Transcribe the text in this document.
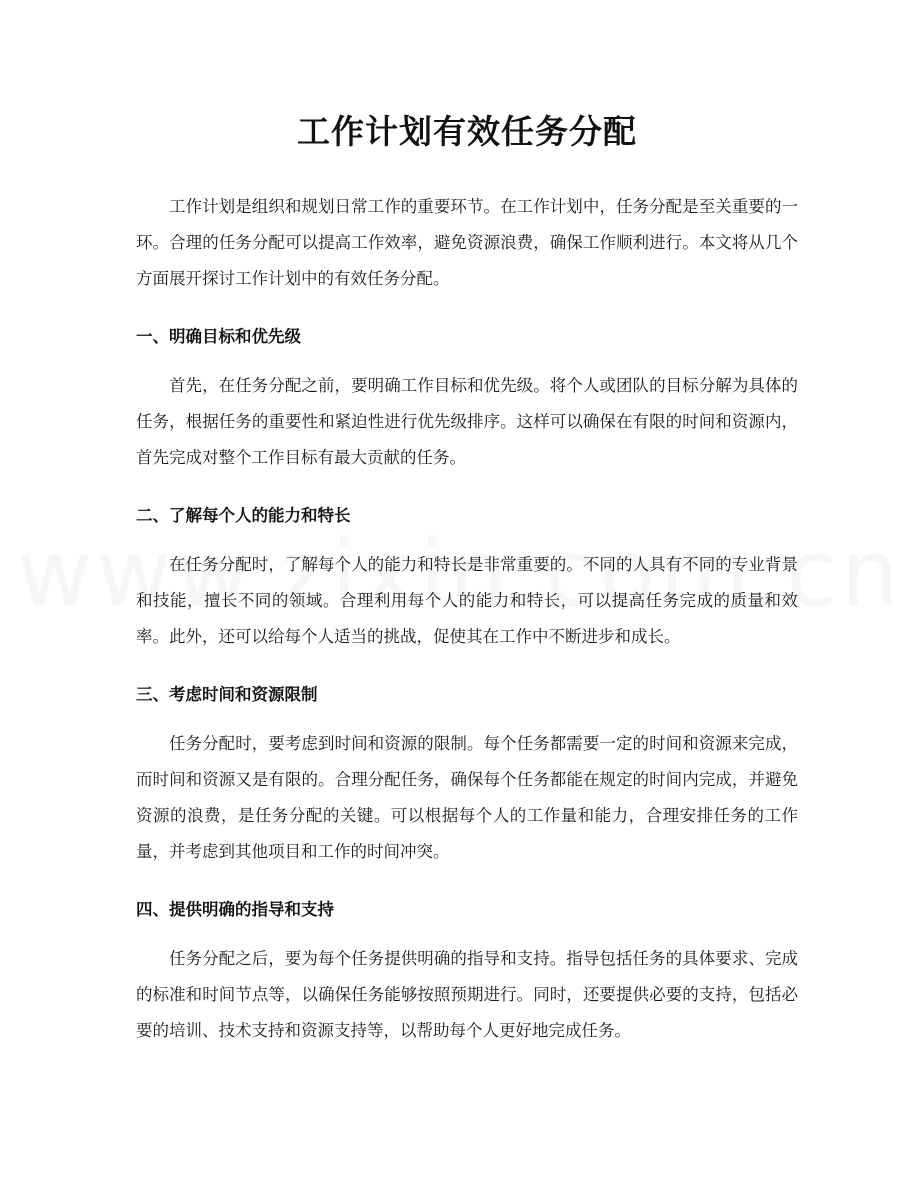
工作计划有效任务分配

工作计划是组织和规划日常工作的重要环节。在工作计划中，任务分配是至关重要的一环。合理的任务分配可以提高工作效率，避免资源浪费，确保工作顺利进行。本文将从几个方面展开探讨工作计划中的有效任务分配。

一、明确目标和优先级

首先，在任务分配之前，要明确工作目标和优先级。将个人或团队的目标分解为具体的任务，根据任务的重要性和紧迫性进行优先级排序。这样可以确保在有限的时间和资源内，首先完成对整个工作目标有最大贡献的任务。

二、了解每个人的能力和特长

在任务分配时，了解每个人的能力和特长是非常重要的。不同的人具有不同的专业背景和技能，擅长不同的领域。合理利用每个人的能力和特长，可以提高任务完成的质量和效率。此外，还可以给每个人适当的挑战，促使其在工作中不断进步和成长。

三、考虑时间和资源限制

任务分配时，要考虑到时间和资源的限制。每个任务都需要一定的时间和资源来完成，而时间和资源又是有限的。合理分配任务，确保每个任务都能在规定的时间内完成，并避免资源的浪费，是任务分配的关键。可以根据每个人的工作量和能力，合理安排任务的工作量，并考虑到其他项目和工作的时间冲突。

四、提供明确的指导和支持

任务分配之后，要为每个任务提供明确的指导和支持。指导包括任务的具体要求、完成的标准和时间节点等，以确保任务能够按照预期进行。同时，还要提供必要的支持，包括必要的培训、技术支持和资源支持等，以帮助每个人更好地完成任务。
